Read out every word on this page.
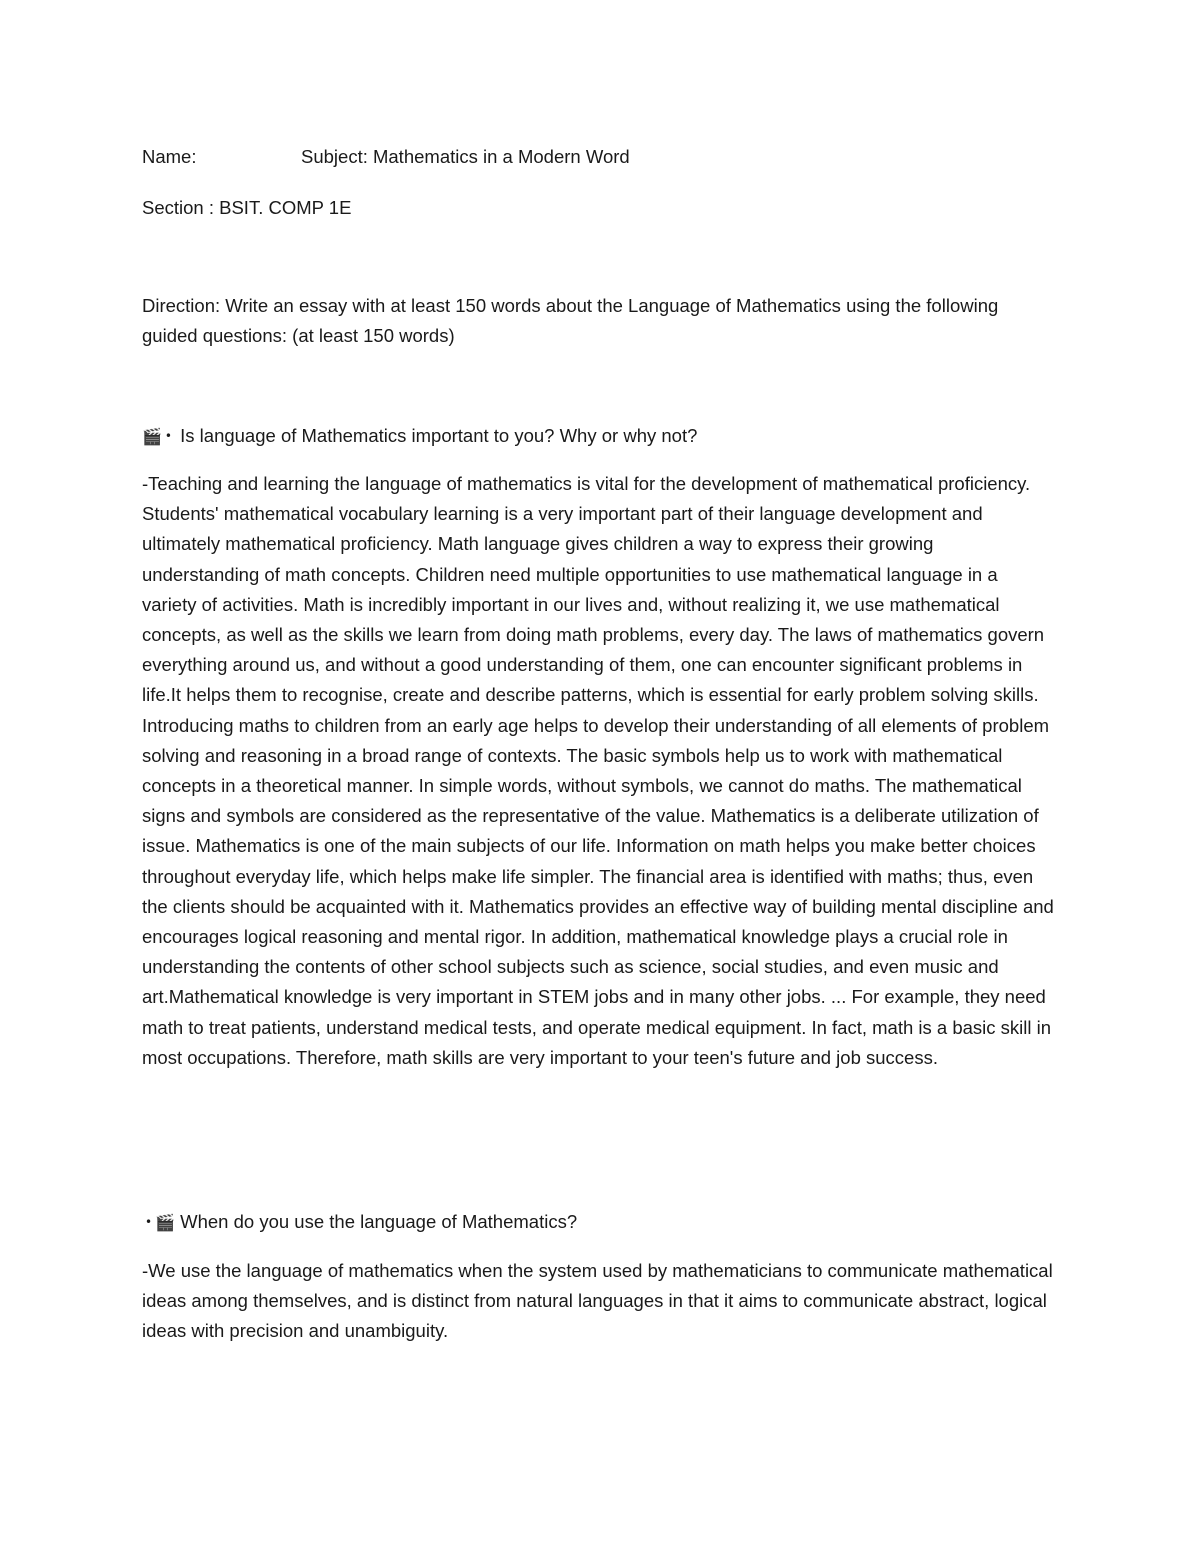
Name:	Subject: Mathematics in a Modern Word
Section : BSIT. COMP 1E
Direction: Write an essay with at least 150 words about the Language of Mathematics using the following guided questions: (at least 150 words)
🎬 • Is language of Mathematics important to you? Why or why not?
-Teaching and learning the language of mathematics is vital for the development of mathematical proficiency. Students' mathematical vocabulary learning is a very important part of their language development and ultimately mathematical proficiency. Math language gives children a way to express their growing understanding of math concepts. Children need multiple opportunities to use mathematical language in a variety of activities. Math is incredibly important in our lives and, without realizing it, we use mathematical concepts, as well as the skills we learn from doing math problems, every day. The laws of mathematics govern everything around us, and without a good understanding of them, one can encounter significant problems in life.It helps them to recognise, create and describe patterns, which is essential for early problem solving skills. Introducing maths to children from an early age helps to develop their understanding of all elements of problem solving and reasoning in a broad range of contexts. The basic symbols help us to work with mathematical concepts in a theoretical manner. In simple words, without symbols, we cannot do maths. The mathematical signs and symbols are considered as the representative of the value. Mathematics is a deliberate utilization of issue. Mathematics is one of the main subjects of our life. Information on math helps you make better choices throughout everyday life, which helps make life simpler. The financial area is identified with maths; thus, even the clients should be acquainted with it. Mathematics provides an effective way of building mental discipline and encourages logical reasoning and mental rigor. In addition, mathematical knowledge plays a crucial role in understanding the contents of other school subjects such as science, social studies, and even music and art.Mathematical knowledge is very important in STEM jobs and in many other jobs. ... For example, they need math to treat patients, understand medical tests, and operate medical equipment. In fact, math is a basic skill in most occupations. Therefore, math skills are very important to your teen's future and job success.
• 🎬 When do you use the language of Mathematics?
-We use the language of mathematics when the system used by mathematicians to communicate mathematical ideas among themselves, and is distinct from natural languages in that it aims to communicate abstract, logical ideas with precision and unambiguity.
